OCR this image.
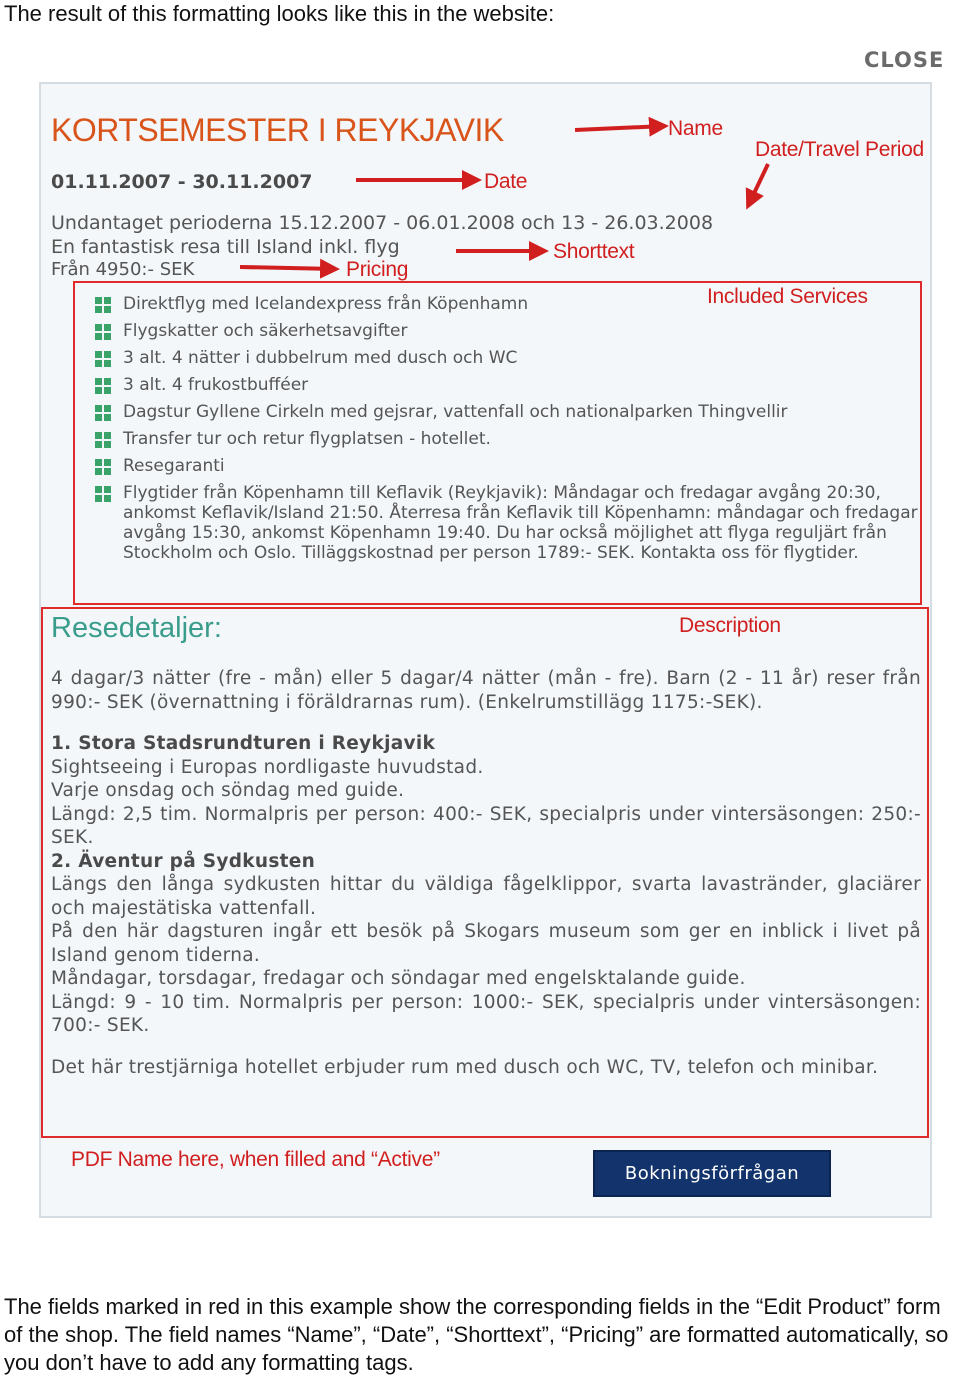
The result of this formatting looks like this in the website:
CLOSE
KORTSEMESTER I REYKJAVIK
01.11.2007 - 30.11.2007
Undantaget perioderna 15.12.2007 - 06.01.2008 och 13 - 26.03.2008
En fantastisk resa till Island inkl. flyg
Från 4950:- SEK
Direktflyg med Icelandexpress från Köpenhamn
Flygskatter och säkerhetsavgifter
3 alt. 4 nätter i dubbelrum med dusch och WC
3 alt. 4 frukostbufféer
Dagstur Gyllene Cirkeln med gejsrar, vattenfall och nationalparken Thingvellir
Transfer tur och retur flygplatsen - hotellet.
Resegaranti
Flygtider från Köpenhamn till Keflavik (Reykjavik): Måndagar och fredagar avgång 20:30, ankomst Keflavik/Island 21:50. Återresa från Keflavik till Köpenhamn: måndagar och fredagar avgång 15:30, ankomst Köpenhamn 19:40. Du har också möjlighet att flyga reguljärt från Stockholm och Oslo. Tilläggskostnad per person 1789:- SEK. Kontakta oss för flygtider.
Resedetaljer:

4 dagar/3 nätter (fre - mån) eller 5 dagar/4 nätter (mån - fre). Barn (2 - 11 år) reser från 990:- SEK (övernattning i föräldrarnas rum). (Enkelrumstillägg 1175:-SEK).

1. Stora Stadsrundturen i Reykjavik

Sightseeing i Europas nordligaste huvudstad.

Varje onsdag och söndag med guide.

Längd: 2,5 tim. Normalpris per person: 400:- SEK, specialpris under vintersäsongen: 250:- SEK.

2. Äventur på Sydkusten

Längs den långa sydkusten hittar du väldiga fågelklippor, svarta lavastränder, glaciärer och majestätiska vattenfall.

På den här dagsturen ingår ett besök på Skogars museum som ger en inblick i livet på Island genom tiderna.

Måndagar, torsdagar, fredagar och söndagar med engelsktalande guide.

Längd: 9 - 10 tim. Normalpris per person: 1000:- SEK, specialpris under vintersäsongen: 700:- SEK.

Det här trestjärniga hotellet erbjuder rum med dusch och WC, TV, telefon och minibar.

Bokningsförfrågan
Name
Date/Travel Period
Date
Shorttext
Pricing
Included Services
Description
PDF Name here, when filled and “Active”
The fields marked in red in this example show the corresponding fields in the “Edit Product” form of the shop. The field names “Name”, “Date”, “Shorttext”, “Pricing” are formatted automatically, so you don’t have to add any formatting tags.
